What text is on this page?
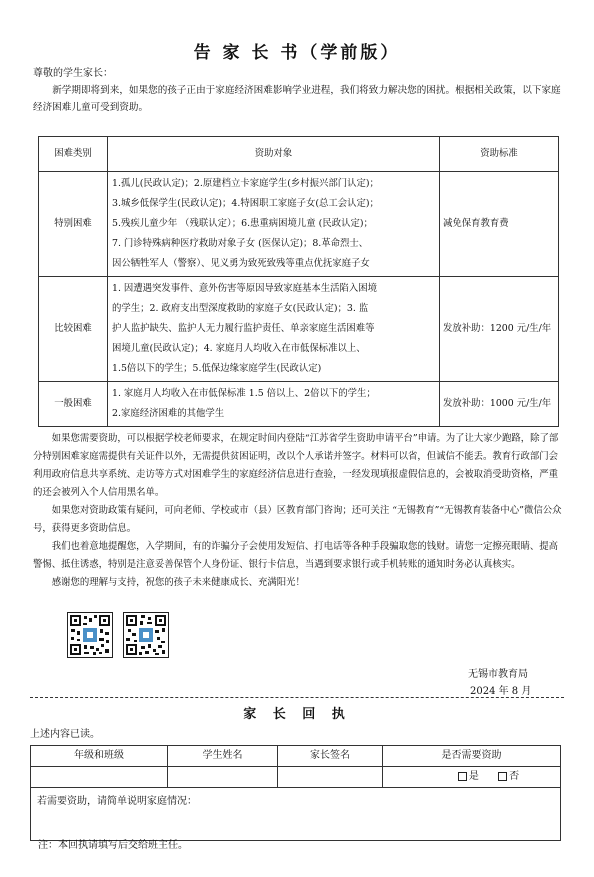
告 家 长 书（学前版）
尊敬的学生家长：

新学期即将到来，如果您的孩子正由于家庭经济困难影响学业进程，我们将致力解决您的困扰。根据相关政策，以下家庭经济困难儿童可受到资助。

困难类别	资助对象	资助标准
特别困难	1.孤儿(民政认定)；2.原建档立卡家庭学生(乡村振兴部门认定)；
3.城乡低保学生(民政认定)；4.特困职工家庭子女(总工会认定)；
5.残疾儿童少年 （残联认定）；6.患重病困境儿童 (民政认定)；
7. 门诊特殊病种医疗救助对象子女 (医保认定)；8.革命烈士、
因公牺牲军人（警察）、见义勇为致死致残等重点优抚家庭子女	减免保育教育费
比较困难	1. 因遭遇突发事件、意外伤害等原因导致家庭基本生活陷入困境
的学生；2. 政府支出型深度救助的家庭子女(民政认定)；3. 监
护人监护缺失、监护人无力履行监护责任、单亲家庭生活困难等
困境儿童(民政认定)；4. 家庭月人均收入在市低保标准以上、
1.5倍以下的学生；5.低保边缘家庭学生(民政认定)	发放补助：1200 元/生/年
一般困难	1. 家庭月人均收入在市低保标准 1.5 倍以上、2倍以下的学生；
2.家庭经济困难的其他学生	发放补助：1000 元/生/年

如果您需要资助，可以根据学校老师要求，在规定时间内登陆“江苏省学生资助申请平台”申请。为了让大家少跑路，除了部分特别困难家庭需提供有关证件以外，无需提供贫困证明，改以个人承诺并签字。材料可以省，但诚信不能丢。教育行政部门会利用政府信息共享系统、走访等方式对困难学生的家庭经济信息进行查验，一经发现填报虚假信息的，会被取消受助资格，严重的还会被列入个人信用黑名单。

如果您对资助政策有疑问，可向老师、学校或市（县）区教育部门咨询；还可关注 “无锡教育”“无锡教育装备中心”微信公众号，获得更多资助信息。

我们也着意地提醒您，入学期间，有的诈骗分子会使用发短信、打电话等各种手段骗取您的钱财。请您一定擦亮眼睛、提高警惕、抵住诱惑，特别是注意妥善保管个人身份证、银行卡信息，当遇到要求银行或手机转账的通知时务必认真核实。

感谢您的理解与支持，祝您的孩子未来健康成长、充满阳光！

无锡市教育局
2024 年 8 月
家 长 回 执
上述内容已读。
年级和班级	学生姓名	家长签名	是否需要资助
			是 否
若需要资助，请简单说明家庭情况：			
注：本回执请填写后交给班主任。
